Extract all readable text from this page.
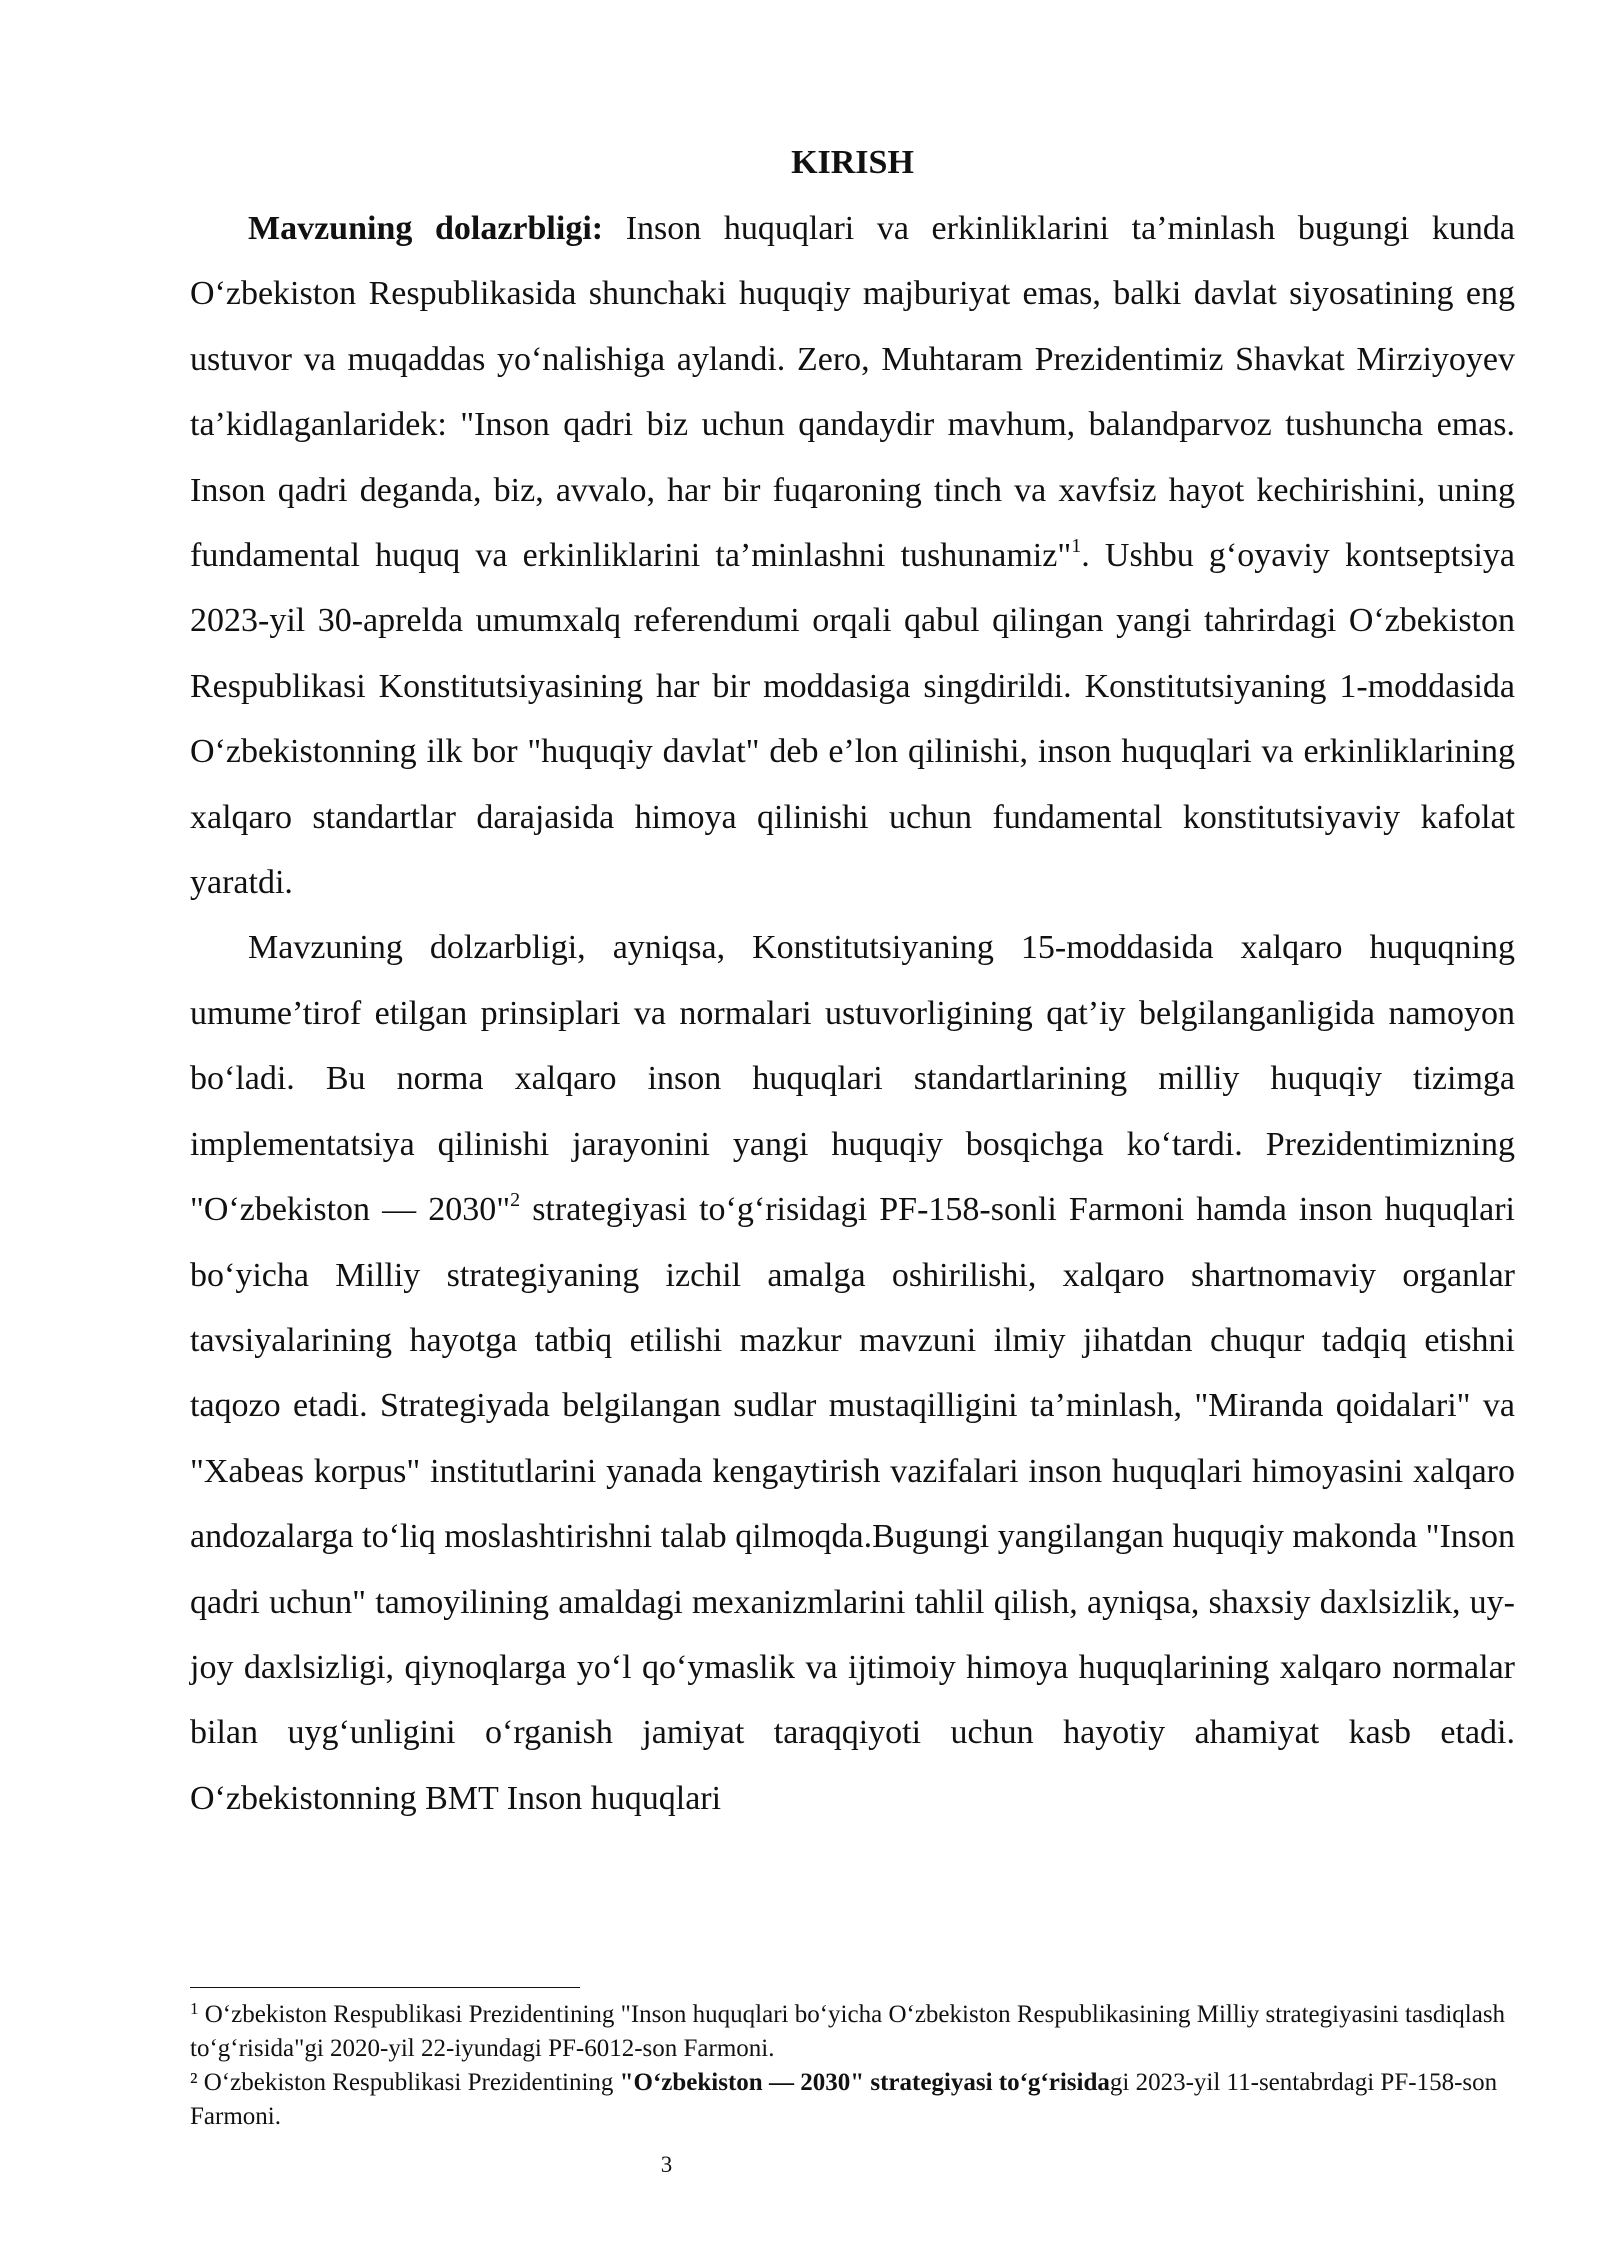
KIRISH

Mavzuning dolazrbligi: Inson huquqlari va erkinliklarini ta’minlash bugungi kunda O‘zbekiston Respublikasida shunchaki huquqiy majburiyat emas, balki davlat siyosatining eng ustuvor va muqaddas yo‘nalishiga aylandi. Zero, Muhtaram Prezidentimiz Shavkat Mirziyoyev ta’kidlaganlaridek: "Inson qadri biz uchun qandaydir mavhum, balandparvoz tushuncha emas. Inson qadri deganda, biz, avvalo, har bir fuqaroning tinch va xavfsiz hayot kechirishini, uning fundamental huquq va erkinliklarini ta’minlashni tushunamiz"$^1$. Ushbu g‘oyaviy kontseptsiya 2023-yil 30-aprelda umumxalq referendumi orqali qabul qilingan yangi tahrirdagi O‘zbekiston Respublikasi Konstitutsiyasining har bir moddasiga singdirildi. Konstitutsiyaning 1-moddasida O‘zbekistonning ilk bor "huquqiy davlat" deb e’lon qilinishi, inson huquqlari va erkinliklarining xalqaro standartlar darajasida himoya qilinishi uchun fundamental konstitutsiyaviy kafolat yaratdi.

Mavzuning dolzarbligi, ayniqsa, Konstitutsiyaning 15-moddasida xalqaro huquqning umume’tirof etilgan prinsiplari va normalari ustuvorligining qat’iy belgilanganligida namoyon bo‘ladi. Bu norma xalqaro inson huquqlari standartlarining milliy huquqiy tizimga implementatsiya qilinishi jarayonini yangi huquqiy bosqichga ko‘tardi. Prezidentimizning "O‘zbekiston — 2030"$^2$ strategiyasi to‘g‘risidagi PF-158-sonli Farmoni hamda inson huquqlari bo‘yicha Milliy strategiyaning izchil amalga oshirilishi, xalqaro shartnomaviy organlar tavsiyalarining hayotga tatbiq etilishi mazkur mavzuni ilmiy jihatdan chuqur tadqiq etishni taqozo etadi. Strategiyada belgilangan sudlar mustaqilligini ta’minlash, "Miranda qoidalari" va "Xabeas korpus" institutlarini yanada kengaytirish vazifalari inson huquqlari himoyasini xalqaro andozalarga to‘liq moslashtirishni talab qilmoqda.Bugungi yangilangan huquqiy makonda "Inson qadri uchun" tamoyilining amaldagi mexanizmlarini tahlil qilish, ayniqsa, shaxsiy daxlsizlik, uy-joy daxlsizligi, qiynoqlarga yo‘l qo‘ymaslik va ijtimoiy himoya huquqlarining xalqaro normalar bilan uyg‘unligini o‘rganish jamiyat taraqqiyoti uchun hayotiy ahamiyat kasb etadi. O‘zbekistonning BMT Inson huquqlari

$^1$ O‘zbekiston Respublikasi Prezidentining "Inson huquqlari bo‘yicha O‘zbekiston Respublikasining Milliy strategiyasini tasdiqlash to‘g‘risida"gi 2020-yil 22-iyundagi PF-6012-son Farmoni.

² O‘zbekiston Respublikasi Prezidentining "O‘zbekiston — 2030" strategiyasi to‘g‘risidagi 2023-yil 11-sentabrdagi PF-158-son Farmoni.

3
